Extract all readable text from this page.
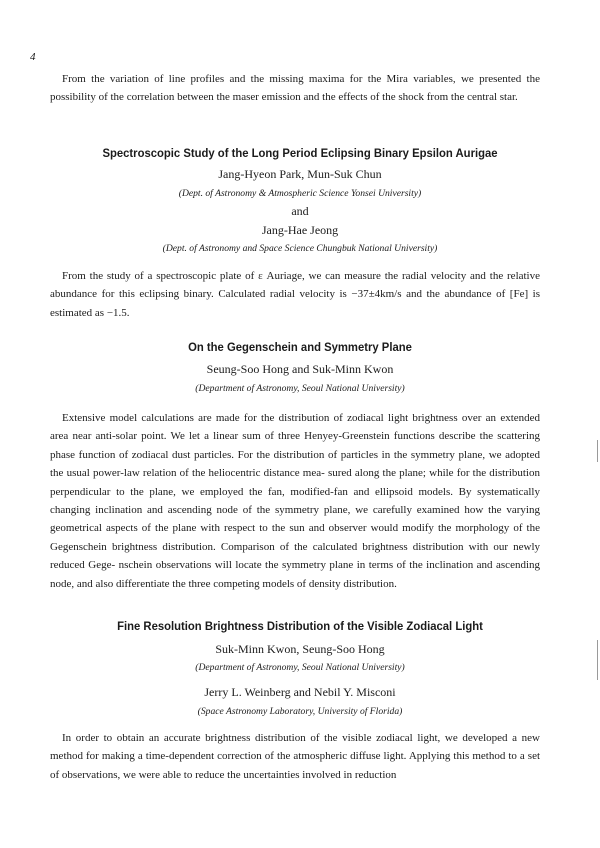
4

From the variation of line profiles and the missing maxima for the Mira variables, we presented the possibility of the correlation between the maser emission and the effects of the shock from the central star.

Spectroscopic Study of the Long Period Eclipsing Binary Epsilon Aurigae
Jang-Hyeon Park, Mun-Suk Chun
(Dept. of Astronomy & Atmospheric Science Yonsei University)
and
Jang-Hae Jeong
(Dept. of Astronomy and Space Science Chungbuk National University)

From the study of a spectroscopic plate of ε Auriage, we can measure the radial velocity and the relative abundance for this eclipsing binary. Calculated radial velocity is −37±4km/s and the abundance of [Fe] is estimated as −1.5.

On the Gegenschein and Symmetry Plane
Seung-Soo Hong and Suk-Minn Kwon
(Department of Astronomy, Seoul National University)

Extensive model calculations are made for the distribution of zodiacal light brightness over an extended area near anti-solar point. We let a linear sum of three Henyey-Greenstein functions describe the scattering phase function of zodiacal dust particles. For the distribution of particles in the symmetry plane, we adopted the usual power-law relation of the heliocentric distance mea- sured along the plane; while for the distribution perpendicular to the plane, we employed the fan, modified-fan and ellipsoid models. By systematically changing inclination and ascending node of the symmetry plane, we carefully examined how the varying geometrical aspects of the plane with respect to the sun and observer would modify the morphology of the Gegenschein brightness distribution. Comparison of the calculated brightness distribution with our newly reduced Gege- nschein observations will locate the symmetry plane in terms of the inclination and ascending node, and also differentiate the three competing models of density distribution.

Fine Resolution Brightness Distribution of the Visible Zodiacal Light
Suk-Minn Kwon, Seung-Soo Hong
(Department of Astronomy, Seoul National University)
Jerry L. Weinberg and Nebil Y. Misconi
(Space Astronomy Laboratory, University of Florida)

In order to obtain an accurate brightness distribution of the visible zodiacal light, we developed a new method for making a time-dependent correction of the atmospheric diffuse light. Applying this method to a set of observations, we were able to reduce the uncertainties involved in reduction
